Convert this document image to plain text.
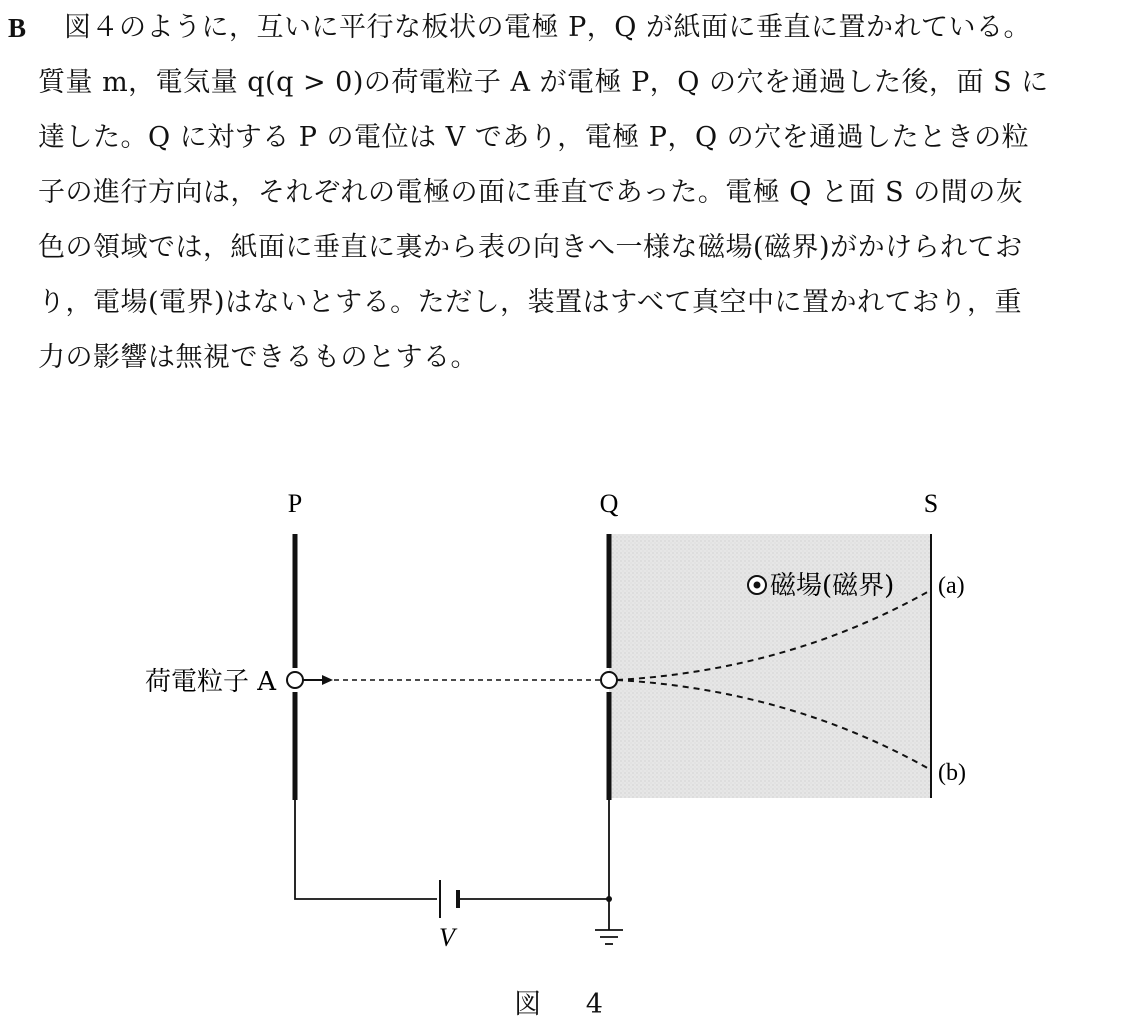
B 図４のように，互いに平行な板状の電極 P，Q が紙面に垂直に置かれている。
質量 m，電気量 q(q > 0)の荷電粒子 A が電極 P，Q の穴を通過した後，面 S に
達した。Q に対する P の電位は V であり，電極 P，Q の穴を通過したときの粒
子の進行方向は，それぞれの電極の面に垂直であった。電極 Q と面 S の間の灰
色の領域では，紙面に垂直に裏から表の向きへ一様な磁場(磁界)がかけられてお
り，電場(電界)はないとする。ただし，装置はすべて真空中に置かれており，重
力の影響は無視できるものとする。
P	Q	S
(a)
(b)
磁場(磁界)
荷電粒子 A
V
図 4
